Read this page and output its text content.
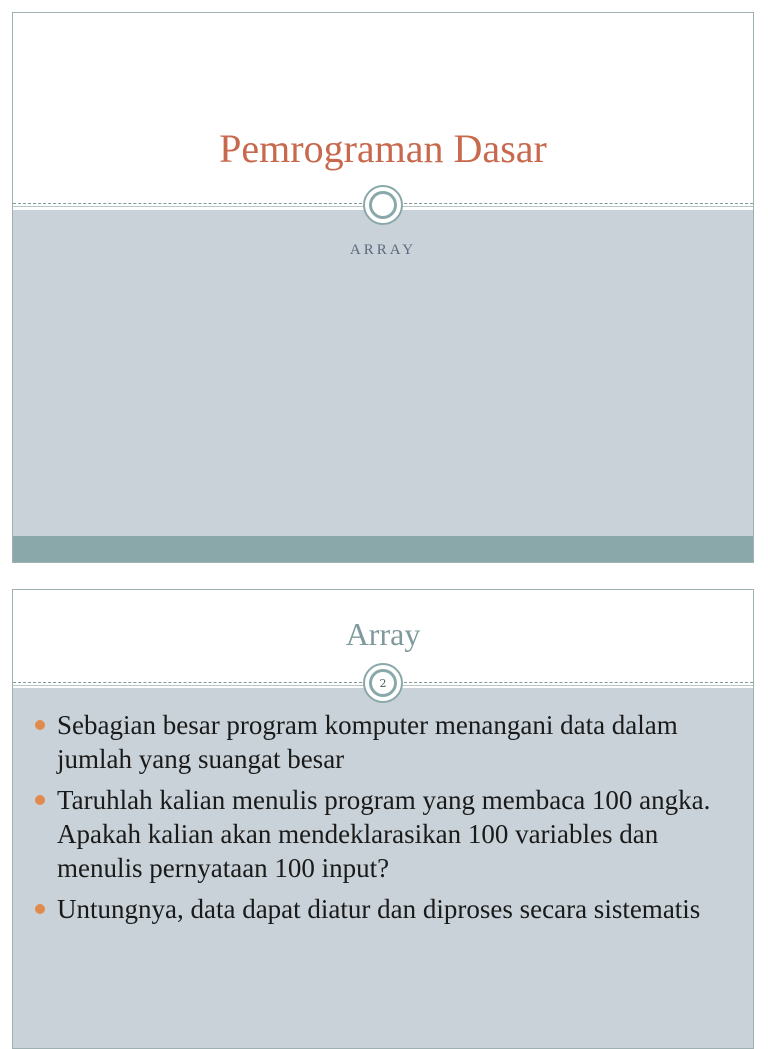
Pemrograman Dasar
ARRAY
2
Array
Sebagian besar program komputer menangani data dalam jumlah yang suangat besar
Taruhlah kalian menulis program yang membaca 100 angka. Apakah kalian akan mendeklarasikan 100 variables dan menulis pernyataan 100 input?
Untungnya, data dapat diatur dan diproses secara sistematis
